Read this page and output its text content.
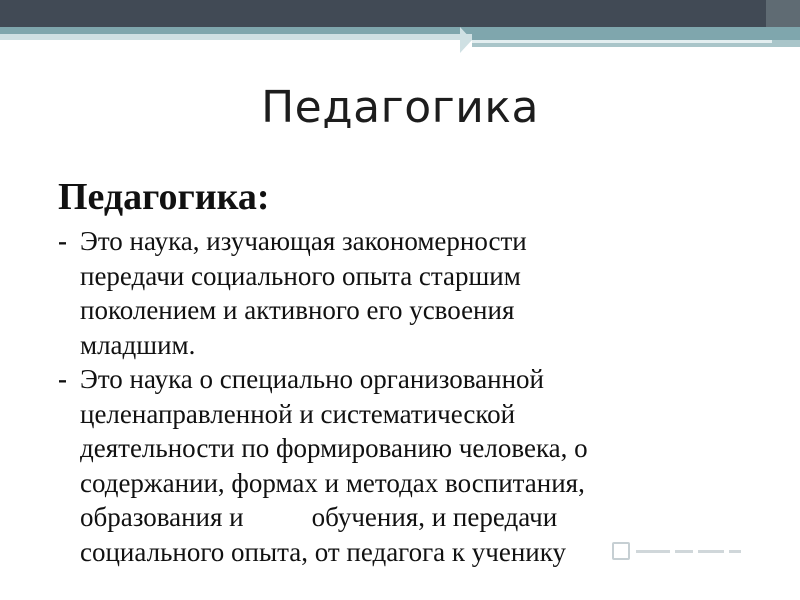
Педагогика
Педагогика:
- Это наука, изучающая закономерности
передачи социального опыта старшим
поколением и активного его усвоения
младшим.
- Это наука о специально организованной
целенаправленной и систематической
деятельности по формированию человека, о
содержании, формах и методах воспитания,
образования и	обучения, и передачи
социального опыта, от педагога к ученику
